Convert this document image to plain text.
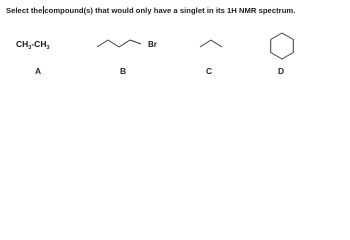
Select the compound(s) that would only have a singlet in its 1H NMR spectrum.
$CH_3-CH_3$
A
Br
B	C	D
